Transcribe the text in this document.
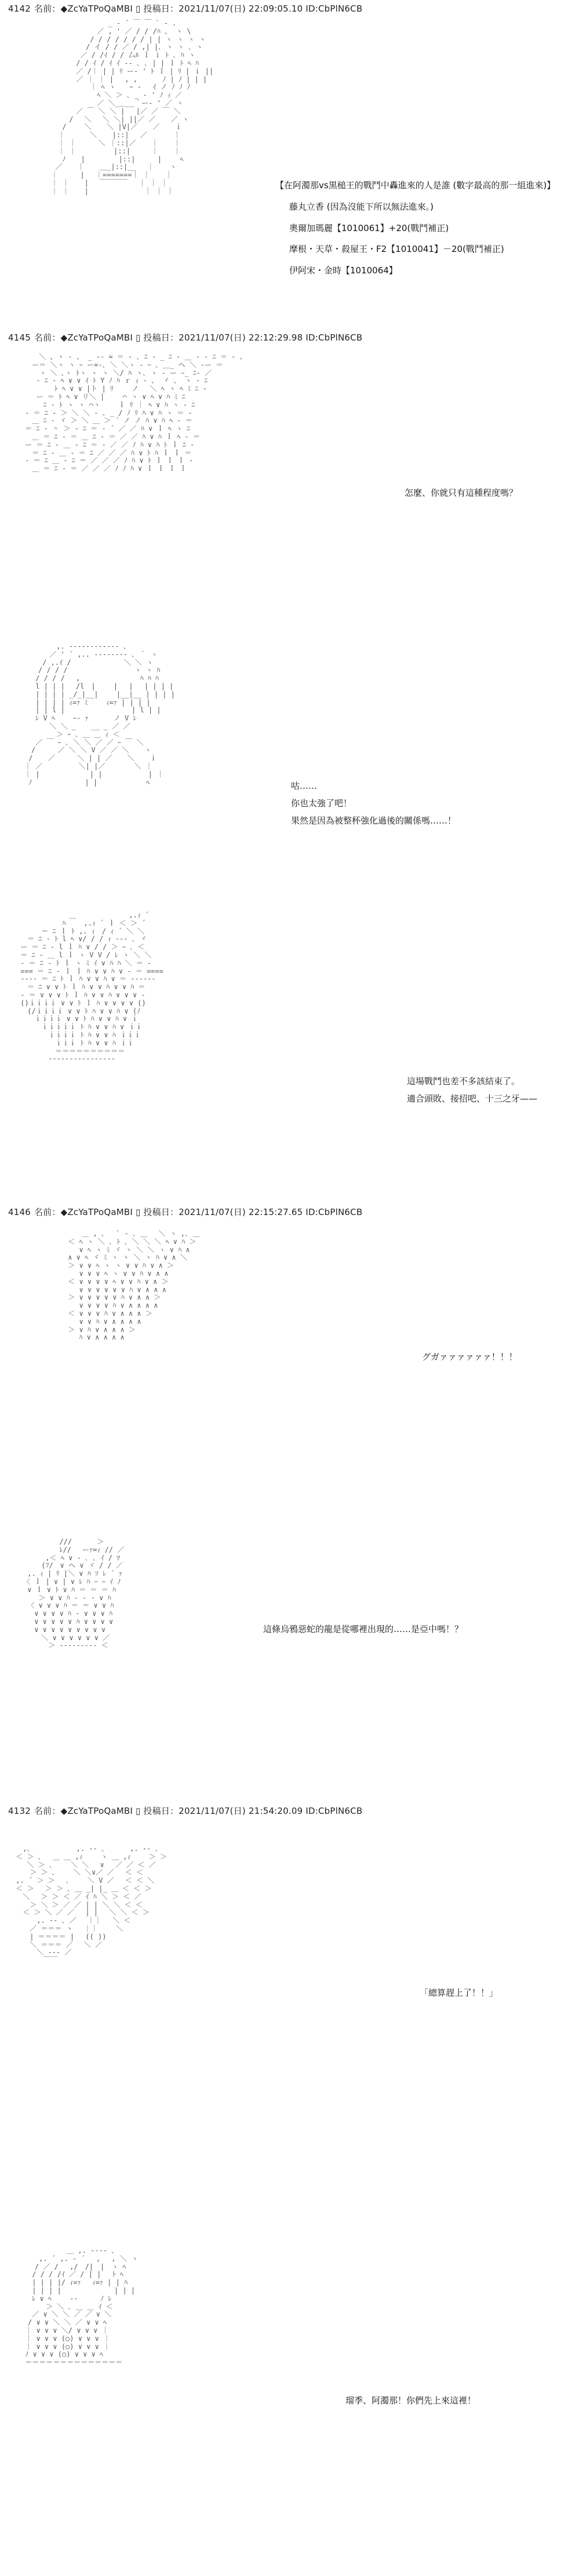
4142 名前：◆ZcYaTPoQaMBI ▯ 投稿日：2021/11/07(日) 22:09:05.10 ID:CbPlN6CB
　　　　　 　　 _ ‐ ´ ￣ ￣ ` ‐ .
　　　　　　 ／ , ' ／ / / /ﾊ 、 ヽ \
　　　　　 / / / / / / / | | ヽ ヽ ヽ ヽ
　　　　　/ イ / / ／ / ,| |､ ヽ ヽ ､ ヽ
　　 　 ／ / /ｲ / / 厶ﾙ ｌ ｉ ﾄ ､ ﾊ ヽ
　　　 / / ｲ / ｲ ｲ ‐‐ ､ ､ | | ｌ ﾄ ﾍ ﾊ
　　　 ／ /｜ | | ﾘ ー‐ ' ﾄ ｌ | ﾘ | ｉ ||
　　　 ／ ｜ ｜ |　 , ,　　　 ﾉ | ﾉ | | |
　　　　　 ｜ ﾍ ヽ　　ｰ ‐　 ｲ ノ ﾉ ﾉ ﾉ
　　　　　　 ﾍ ＼ ＞ ､ _ ‐ ' ﾉ ｨ ／
　　　　　　 ／ ＼_＿__｀ー‐ ' ／ ヽ
　　　 ／ ￣ ＼ ＼ |　 |／ ／ ￣ ＼
　　 /　 ＼ 　＼ ＼| ||／ ／ 　 ／ ヽ
　 /　　 ＼ 　 ＼ |V|／ 　 ／ 　 ｉ
　｜　　　 ＼ 　 |::|　 ／ 　 　 ｜
　｜ ｜ 　　 ＼ ｜::|／ 　 ｜ 　 ｜
　｜ ｜ 　 　 　 |::|　　　｜ 　 ｜
　 ﾉ 　 |　 　 　 |::|　 　 |　 　ﾍ
／ 　 ｜ 　 ＿_|::|__　 ｜ 　 ヽ
｜　 　 |　 ｜=======｜ ｜ 　 ｜
｜ ｜ 　 |　 ￣￣￣￣ 　｜ ｜ ｜
｜ ｜ 　 |　 　 　 　 　 ｜ ｜ ｜
【在阿濁那vs黒槌王的戰鬥中轟進來的人是誰 (數字最高的那一組進來)】
藤丸立香 (因為沒能下所以無法進來。)
奧爾加瑪麗【1010061】+20(戰鬥補正)
摩根・天草・殺屋王・F2【1010041】－20(戰鬥補正)
伊阿宋・金時【1010064】
4145 名前：◆ZcYaTPoQaMBI ▯ 投稿日：2021/11/07(日) 22:12:29.98 ID:CbPlN6CB
　　 ＼ 、ヽ ‐ 、 _ ‐‐ = ＝ ‐ ､ ﾆ ‐ _ ﾆ ‐ ＿ ‐ ‐ ﾆ ＝ ‐ 、
　ー＝ ＼ヽ ヽ ｰ ー=-､ ＼ ＼ヽ ‐ ｰ ､ ＿_ ヘ ＼ ‐ー ＝
　　 ヽ ＼ ､ヽ ﾄヽ ヽ ヽ ＼/ ﾊ ヽ､ ヽ ‐ ー ｰ_ ﾆ‐ ／
　 ‐ ﾆ ‐ ﾍ ∨ ∨ ｲ ﾄ Y ﾉ ﾊ ｒ ｨ ‐ 、 ヾ 、 ヽ ‐ ﾆ
　 　 　 ﾄ ﾍ ∨ ∨ |ト | ﾘ　　 ノ　 ＼ ﾍ ヽ ﾍ ﾐ ﾆ ‐
　 ー ＝ ﾄ ﾍ ∨ リ＼ |　　 ⌒ ヽ ∨ ﾍ ∨ ﾊ ﾐ ﾆ
　 　 ﾆ ‐ ﾄ ヽ ヽ ⌒ヽ　　 ｌ ﾘ ｜ ﾍ ∨ ﾊ ヽ ‐ ﾆ
‐ ＝ ﾆ ‐ ＞ ＼ ＼ ‐ ､ _ / ﾉ ﾘ ﾊ ∨ ﾊ ヽ ＝ ‐
　 ＿ ﾆ ‐ ヾ ＞ ＼ ＿ ＞ ´ ノ ノ ﾊ ∨ ﾊ ﾍ ‐ ＝
＝ ﾆ ‐ ＾ ＞ ‐ ﾆ ＝ ‐ ´ ／ ／ ﾊ ∨ ｌ ﾍ ヽ ﾆ
　 ＿ ＝ ﾆ ‐ ＝ ＿ ﾆ ‐ ＝ ／ ／ ﾊ ∨ ﾊ ｌ ﾍ ‐ ＝
ー ＝ ﾆ ‐ ＿ ‐ ﾆ ＝ ‐ ／ ／ ﾉ ﾊ ∨ ﾊ ﾄ ｌ ﾆ ‐
　 ＝ ﾆ ‐ ＿ ‐ ＝ ﾆ ／ ／ ／ ﾊ ∨ ﾄ ﾊ ｌ ｌ ＝
‐ ＝ ﾆ ＿ ‐ ﾆ ＝ ／ ／ ／ ﾉ ﾊ ∨ ﾄ ｌ ｌ ｌ ‐
　 ＿ ＝ ﾆ ‐ ＝ ／ ／ ／ ﾉ ﾉ ﾊ ∨ ｌ ｌ ｌ ｌ
怎麼、你就只有這種程度嗎？
　　　　　 ,. -‐‐‐‐‐‐‐‐‐‐- ､
　　　　 ／ ' ´ ,.. ‐‐‐‐‐‐‐- ､ ｀ ヽ
　　　 / ,.ｲ /　　　　　　　 ＼ ＼ ヽ
　　　/ / / /　　　　　　　　　 ヽ ヽ ﾊ
　　 / / / /　 ,　　　　　　　　 ﾊ ﾊ ﾊ
　　 l | | |　 /l　|　　 |　 |　 | | | |
　　 | | | | _/_|__|　　 |__|__ | | | |
　　 | | | | ｨ=ｧ ﾐ　　 ｨ=ｧ | | | |
　　 | | l |　　　　　　　　　 | l | |
　　 ﾚ V ﾍ　　 ｰ‐ ｧ　　　 ノ V ﾚ
　　　　 ＼ ＼ _ 　 __ _ ／ ／
　　　　　 ＞ ｰ ､ ＿ ＿ ｨ ＜
　　 ／ ￣ ｰ ､ ＼ ＼ ／ ／ ｰ ￣ ＼
　　/ 　　 ／ ＼ ＼ V ／ ／ ＼ 　 ヽ
　 / 　 ／ 　　 ＼ | | ／ 　 ＼ 　 ｉ
　｜ ／ 　　　　 ＼| |／ 　　　 ＼ ｜
　｜ | 　　　　　　 | |　　　　　　 | ｜
　 ﾉ　　　　　　　 | |　　　　　　　ﾍ	咕……
你也太強了吧！
果然是因為被整杯強化過後的關係嗎……！
　　　　　　　 ＿　　　　　　　 ,.ｨ ´
　　　　　　 ﾊ　　 ,.ｨ ´ ｌ ＜ ＞ ´
　　　 ＝ ﾆ ｌ ﾄ ,. ｨ　/ ｨ ´ ＼ ＼
　 ＝ ﾆ ‐ ﾄ l ﾍ ∨/ / / ｨ ‐‐‐ ､ ヾ
ー ＝ ﾆ ‐ l ｌ ﾊ ∨ / / ＞ ｰ ､ ＜
＝ ﾆ ‐ ＿ l ｌ ヽ V V / ﾚ ヽ ＼ ＼
‐ ＝ ﾆ ‐ ﾄ ｌ ヽ ﾐ ｲ ∨ ﾊ ﾊ ＼ ＝ ‐
=== ＝ ﾆ ‐ ｌ ｌ ﾊ ∨ ∨ ﾊ ∨ ‐ ＝ ====
‐‐‐‐ ＝ ﾆ ﾄ ｌ ﾊ ∨ ∨ ﾊ ∨ ＝ ‐‐‐‐‐‐
　 ＝ ﾆ ∨ ∨ ﾄ ｌ ﾊ ∨ ∨ ﾊ ∨ ∨ ﾊ ＝
‐ ＝ ∨ ∨ ∨ ﾄ ｌ ﾊ ∨ ∨ ﾊ ∨ ∨ ∨ ‐
()ｉｉｉｉ ∨ ∨ ﾄ ｌ ﾊ ∨ ∨ ∨ ∨ ()
　 (/ｉｉｉｉ ∨ ∨ ﾄ ﾊ ∨ ∨ ﾊ ∨ (ﾉ
　　 ｉｉｉｉ ∨ ∨ ﾄ ﾊ ∨ ∨ ﾊ ∨ ｉ
　　　 ｉｉｉｉｉ ﾄ ﾊ ∨ ∨ ﾊ ∨ ｉｉ
　　　　 ｉｉｉｉ ﾄ ﾊ ∨ ∨ ﾊ ｉｉｉ
　　　　　 ｉｉｉ ﾄ ﾊ ∨ ∨ ﾊ ｉｉ
　　　　　 ＝＝＝＝＝＝＝＝＝＝
　　　　 ‐‐‐‐‐‐‐‐‐‐‐‐‐‐‐‐
這場戰鬥也差不多該結束了。
適合頭敗、接招吧、十三之牙——
4146 名前：◆ZcYaTPoQaMBI ▯ 投稿日：2021/11/07(日) 22:15:27.65 ID:CbPlN6CB
　　 ＿ , ､　 ` ‐ ､ ＿　 ＼ ヽ ,､ ＿
＜ ﾍ ヽ ＼ ､ ﾄ ､ ＼ ＼ ＼ ﾍ ∨ ﾊ ＞
　 ∨ ﾍ ヽ ﾐ ヾ ヽ ＼ ＼ ヽ ∨ ﾊ ∧
∧ ∨ ﾍ ヾ ﾐ ヽ ヽ ＼ ヽ ﾊ ∨ ∧ ＼
＞ ∨ ∨ ﾍ ヽ ヽ ∨ ∨ ﾊ ∨ ∧ ＞
　 ∨ ∨ ∨ ﾍ ヽ ∨ ∨ ﾊ ∨ ∧ ∧
＜ ∨ ∨ ∨ ∨ ﾍ ∨ ∨ ﾊ ∨ ∧ ＞
　 ∨ ∨ ∨ ∨ ∨ ∨ ﾊ ∨ ∧ ∧ ∧
＞ ∨ ∨ ∨ ∨ ∨ ﾊ ∨ ∧ ∧ ＞
　 ∨ ∨ ∨ ∨ ﾊ ∨ ∧ ∧ ∧ ∧
＜ ∨ ∨ ∨ ﾊ ∨ ∧ ∧ ∧ ＞
　 ∨ ∨ ﾊ ∨ ∧ ∧ ∧ ∧
＞ ∨ ﾊ ∨ ∧ ∧ ∧ ＞
　 ﾊ ∨ ∧ ∧ ∧ ∧
グガァァァァァァ！！！
　　　 　 ///　　　 ＞
　　　　 ﾚ//　 ーｧ=ｨ // ／
　　 ,＜ ﾍ ∨ ‐ ､ ､ ｲ / ﾂ
　　 (ﾌ/　∨ ヘ ∨ ヾ / / ／
,. ｨ | ﾘ |＼ ∨ ﾊ ｿ ﾚ ´ ｧ
〈 ｌ | ∨ | ∨ ﾚ ﾊ ｰ ｰ ｲ ﾉ
∨ ｌ ∨ ﾄ ∨ ﾊ ＝ ＝ ＝ ﾊ
　 ＞ ∨ ∨ ﾊ ‐ ‐ ‐ ∨ ﾊ
〈 ∨ ∨ ∨ ﾊ ＝ ＝ ∨ ∨ ﾊ
　 ∨ ∨ ∨ ∨ ﾊ ‐ ∨ ∨ ∨ ﾊ
　 ∨ ∨ ∨ ∨ ∨ ﾊ ∨ ∨ ∨ ∨
　 ∨ ∨ ∨ ∨ ∨ ∨ ∨ ∨ ∨
　　 ＼ ∨ ∨ ∨ ∨ ∨ ∨ ／
　　　 ＞ ‐‐‐‐‐‐‐‐‐ ＜
這條烏鴉惡蛇的龍是從哪裡出現的……是亞中嗎！？
4132 名前：◆ZcYaTPoQaMBI ▯ 投稿日：2021/11/07(日) 21:54:20.09 ID:CbPlN6CB
　 ,､　　　　　　 ,. ‐‐ ､　　　 ,. ‐‐ ､
＜ ＞ ､　 ＿ ＿ ,ｨ　　 ヽ ＿ ,ｨ　　 ＞ ＞
　 ＼ ＞ ､　　 ＼ ＼　 ∨　 ／ ／ ＜ ／
　　 ＞ ＞ ､　　 ＼ ＼∨／ ／　 ＜ ＜
,. ´ ＞ ＞　 ､　　 ＼ V ／　 ＜ ＜ ＼
＜ ＞　 ＞ ＞ ､ ＿ _| |_ ＿ ＜ ＜ ＞
　 ＼　 ＞ ＞ ＜ ／ ｲ ﾊ ＼ ＞ ＜ ／
　　 ＞ ＼ ＞ ／ ／ | | ＼ ＼ ＜ ＜
　 ＜ ＞ ＼ ／ ／ 　| | 　＼ ＼ ＜ ＞
　　　 ,. ‐‐ ､ ／　 ｜｜　 ＼ ＜
　　 ／ ＝＝＝ ヽ　 ｜｜　　 ＼
　　 | ＝＝＝＝ |　 (( ))
　　 ＼ ＝＝＝ ／　 ＼ ／
　　　 ＼ ‐‐‐ ／
　　　　 ￣￣
「總算趕上了！！」
　　　　　　 ＿ ,. ‐‐‐‐ ､
　　 ,. ´ ,. ‐ ´　 ,　 , ＼ ヽ
　　/ ／ /　 ,/　/|　|　ヽ ﾍ
　 / / / /ｲ ／ / | |　 ﾄ ﾍ
　 | | | |/ ｨ=ｧ　 ｨ=ｧ | | ﾊ
　 | | | |　　　　　　　 | | |
　 ﾚ ∨ ﾍ　　 ‐‐ 　　 ﾉ ﾚ
　　　 ＞ ＼ ､ ＿ ＿ ｲ ＜
　 ／ ∨ ＼ ＼ ／ ／ ∨ ＼
　/ ∨ ∨ ＼ ＼ ／ ∨ ∨ ﾍ
｜ ∨ ∨ ∨ ＼/ ∨ ∨ ∨ ｜
｜ ∨ ∨ ∨ (○) ∨ ∨ ∨ ｜
｜ ∨ ∨ ∨ (○) ∨ ∨ ∨ ｜
ﾉ ∨ ∨ ∨ (○) ∨ ∨ ∨ ﾍ
＝＝＝＝＝＝＝＝＝＝＝＝＝＝
瑠季、阿濁那！你們先上來這裡！
